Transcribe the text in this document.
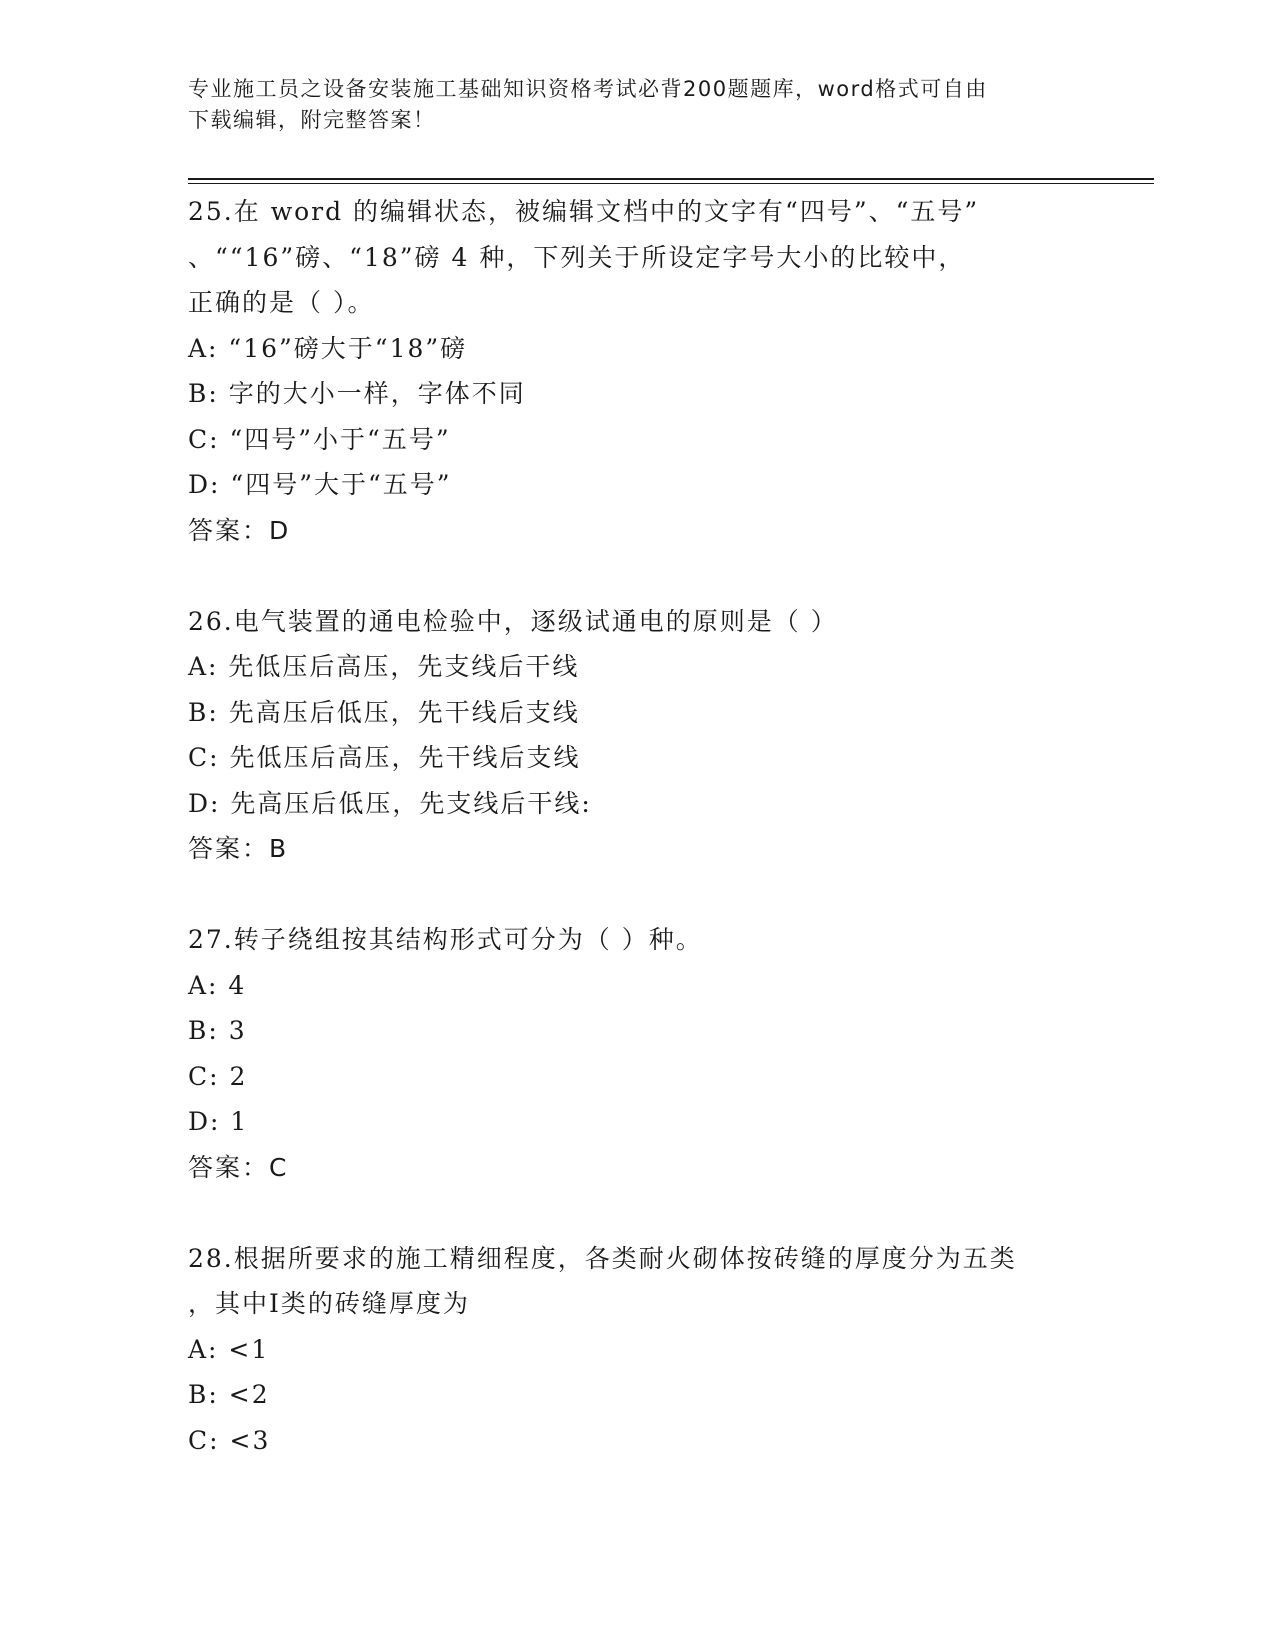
专业施工员之设备安装施工基础知识资格考试必背200题题库，word格式可自由
下载编辑，附完整答案！
25.在 word 的编辑状态，被编辑文档中的文字有“四号”、“五号”
、““16”磅、“18”磅 4 种，下列关于所设定字号大小的比较中，
正确的是（ ）。
A: “16”磅大于“18”磅
B: 字的大小一样，字体不同
C: “四号”小于“五号”
D: “四号”大于“五号”
答案：D
26.电气装置的通电检验中，逐级试通电的原则是（ ）
A: 先低压后高压，先支线后干线
B: 先高压后低压，先干线后支线
C: 先低压后高压，先干线后支线
D: 先高压后低压，先支线后干线:
答案：B
27.转子绕组按其结构形式可分为（ ）种。
A: 4
B: 3
C: 2
D: 1
答案：C
28.根据所要求的施工精细程度，各类耐火砌体按砖缝的厚度分为五类
，其中Ⅰ类的砖缝厚度为
A: <1
B: <2
C: <3
